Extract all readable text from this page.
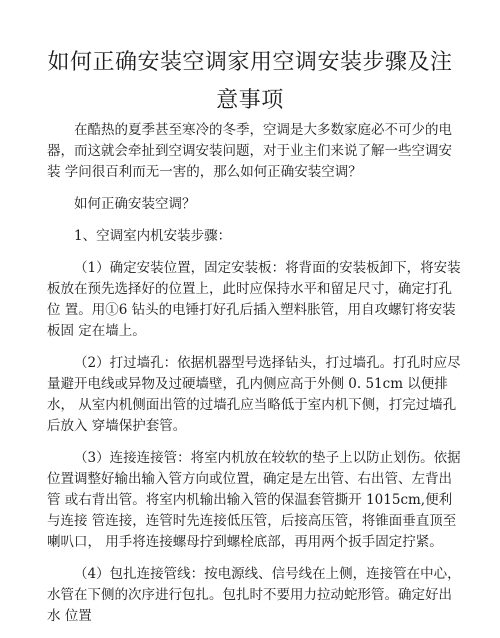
如何正确安装空调家用空调安装步骤及注意事项

在酷热的夏季甚至寒冷的冬季，空调是大多数家庭必不可少的电 器，而这就会牵扯到空调安装问题，对于业主们来说了解一些空调安装 学问很百利而无一害的，那么如何正确安装空调？

如何正确安装空调？

1、空调室内机安装步骤：

（1）确定安装位置，固定安装板：将背面的安装板卸下，将安装 板放在预先选择好的位置上，此时应保持水平和留足尺寸，确定打孔位 置。用①6 钻头的电锤打好孔后插入塑料胀管，用自攻螺钉将安装板固 定在墙上。

（2）打过墙孔：依据机器型号选择钻头，打过墙孔。打孔时应尽 量避开电线或异物及过硬墙壁，孔内侧应高于外侧 0. 51cm 以便排水， 从室内机侧面出管的过墙孔应当略低于室内机下侧，打完过墙孔后放入 穿墙保护套管。

（3）连接连接管：将室内机放在较软的垫子上以防止划伤。依据 位置调整好输出输入管方向或位置，确定是左出管、右出管、左背出管 或右背出管。将室内机输出输入管的保温套管撕开 1015cm,便利与连接 管连接，连管时先连接低压管，后接高压管，将锥面垂直顶至喇叭口， 用手将连接螺母拧到螺栓底部，再用两个扳手固定拧紧。

（4）包扎连接管线：按电源线、信号线在上侧，连接管在中心， 水管在下侧的次序进行包扎。包扎时不要用力拉动蛇形管。确定好出水 位置
